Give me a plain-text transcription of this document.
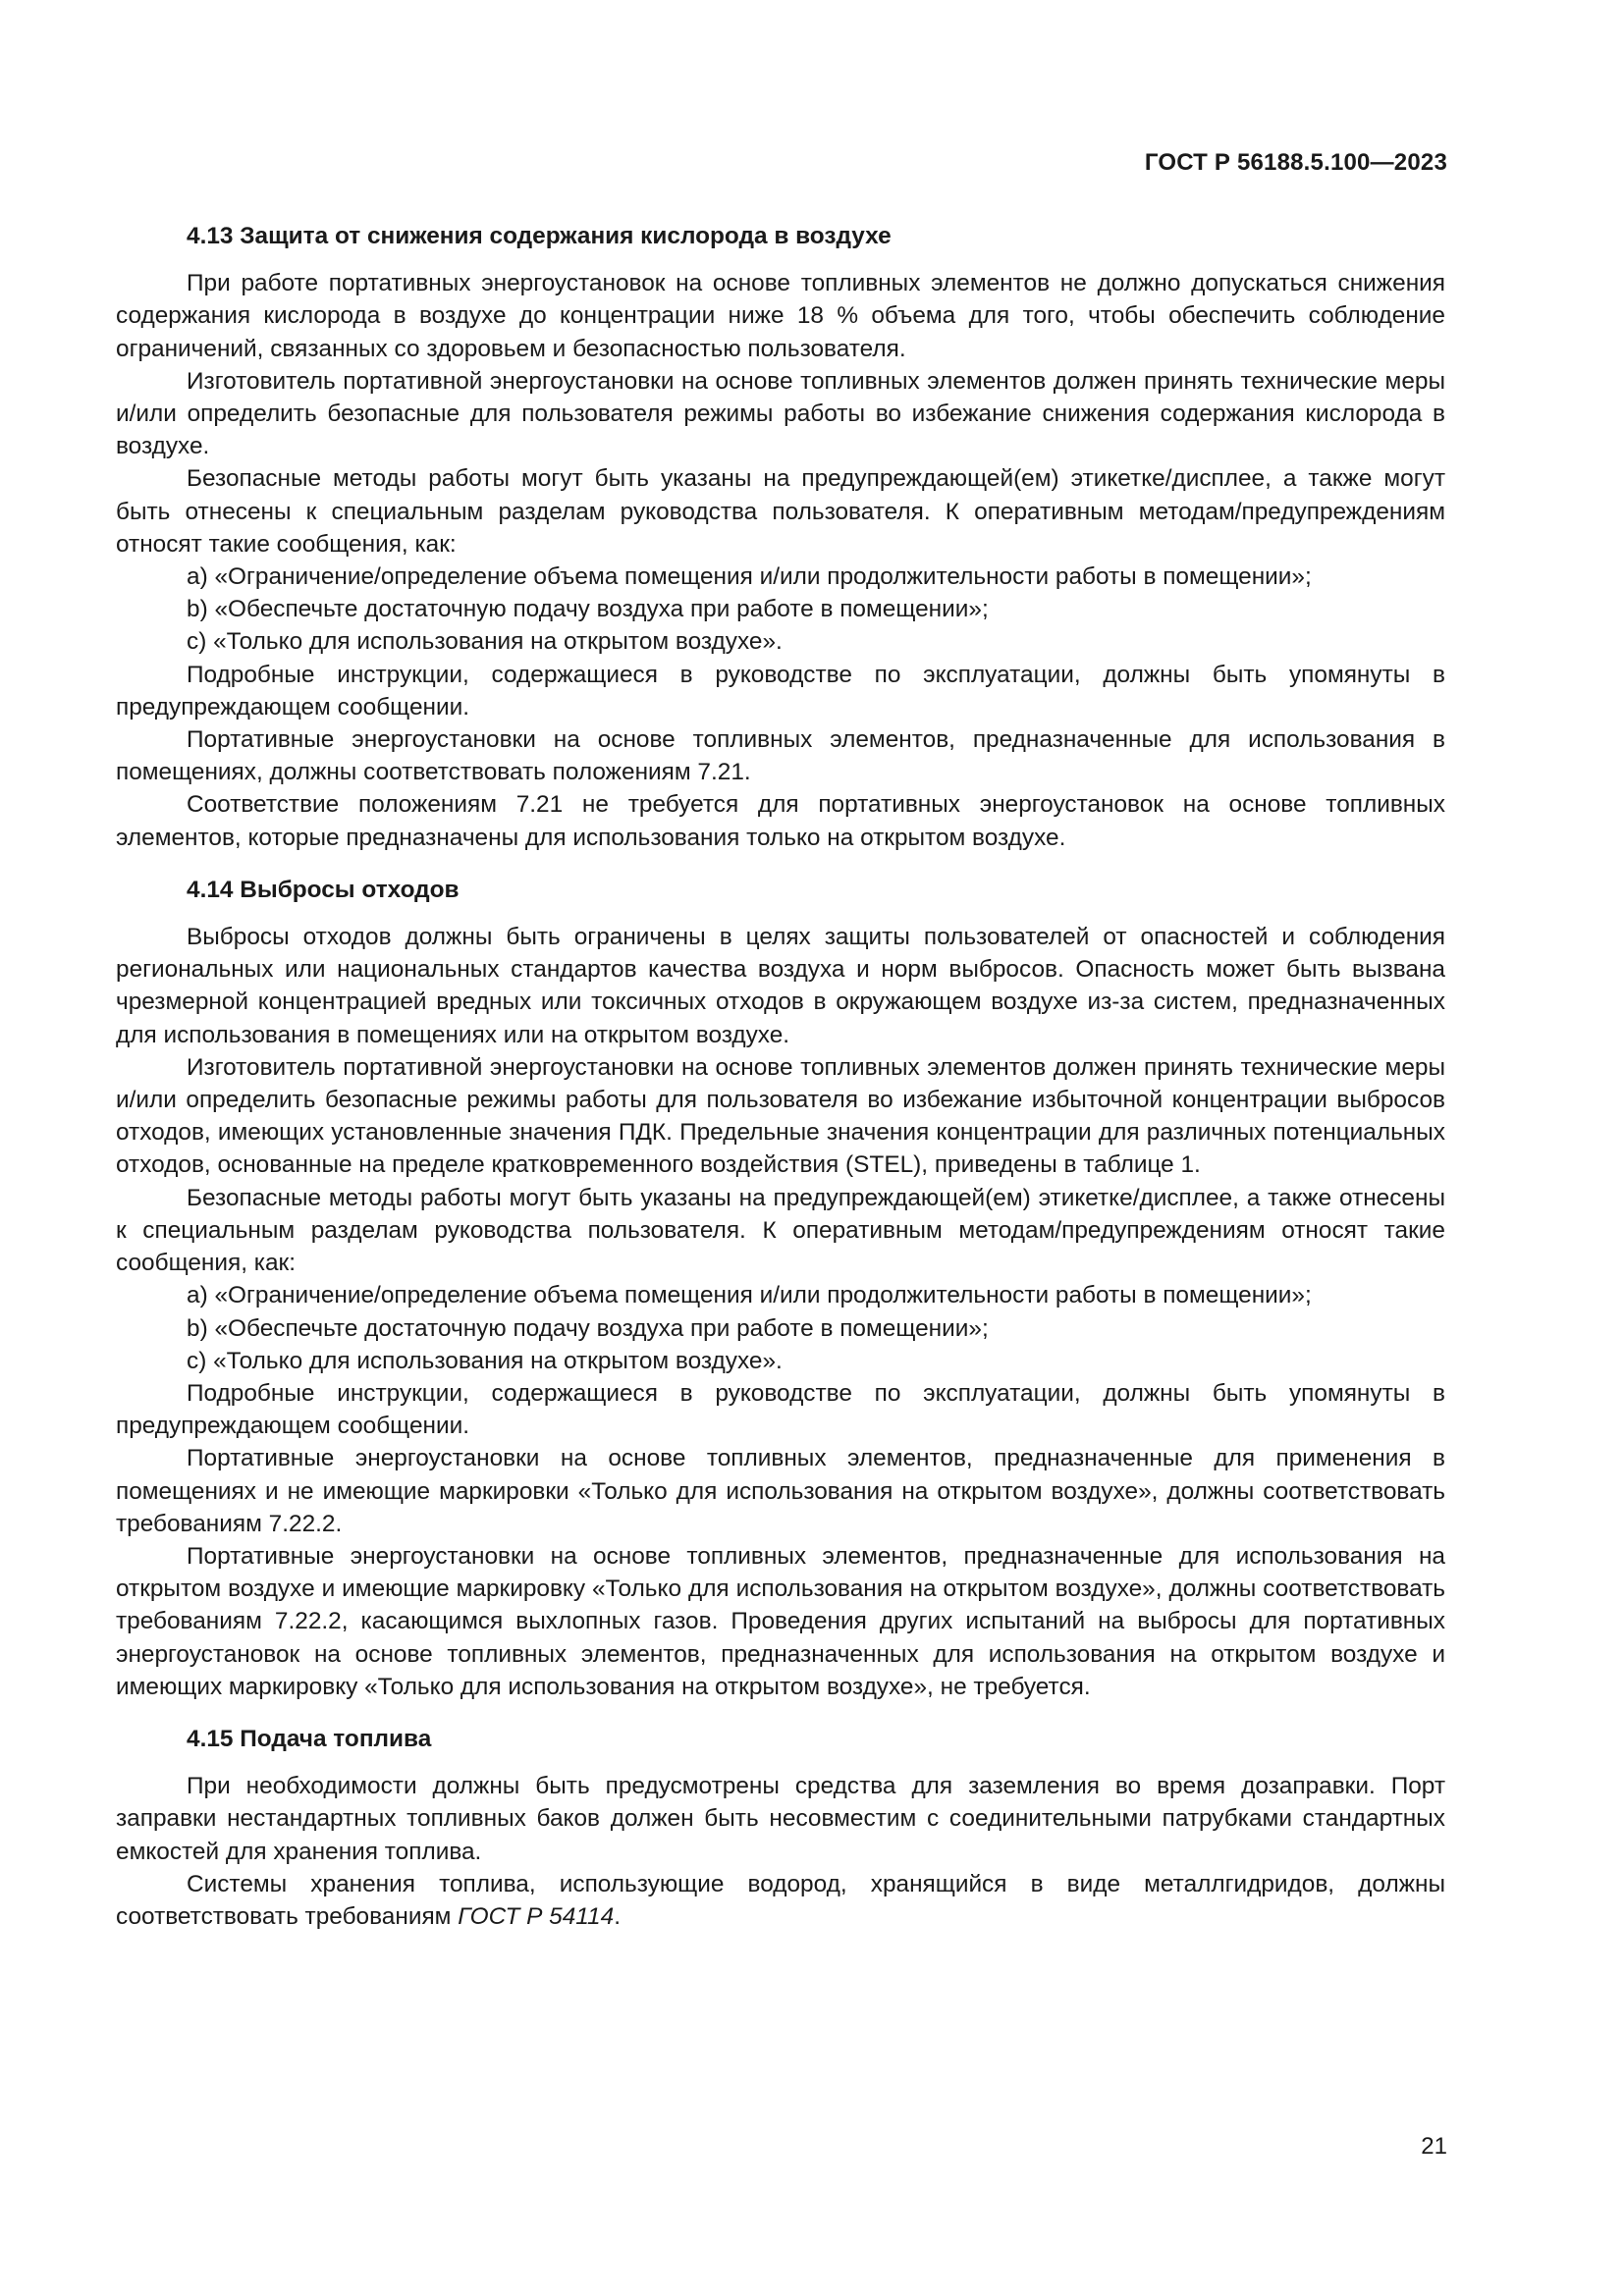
ГОСТ Р 56188.5.100—2023
4.13 Защита от снижения содержания кислорода в воздухе

При работе портативных энергоустановок на основе топливных элементов не должно допускаться снижения содержания кислорода в воздухе до концентрации ниже 18 % объема для того, чтобы обеспечить соблюдение ограничений, связанных со здоровьем и безопасностью пользователя.

Изготовитель портативной энергоустановки на основе топливных элементов должен принять технические меры и/или определить безопасные для пользователя режимы работы во избежание снижения содержания кислорода в воздухе.

Безопасные методы работы могут быть указаны на предупреждающей(ем) этикетке/дисплее, а также могут быть отнесены к специальным разделам руководства пользователя. К оперативным методам/предупреждениям относят такие сообщения, как:

a) «Ограничение/определение объема помещения и/или продолжительности работы в помещении»;

b) «Обеспечьте достаточную подачу воздуха при работе в помещении»;

c) «Только для использования на открытом воздухе».

Подробные инструкции, содержащиеся в руководстве по эксплуатации, должны быть упомянуты в предупреждающем сообщении.

Портативные энергоустановки на основе топливных элементов, предназначенные для использования в помещениях, должны соответствовать положениям 7.21.

Соответствие положениям 7.21 не требуется для портативных энергоустановок на основе топливных элементов, которые предназначены для использования только на открытом воздухе.

4.14 Выбросы отходов

Выбросы отходов должны быть ограничены в целях защиты пользователей от опасностей и соблюдения региональных или национальных стандартов качества воздуха и норм выбросов. Опасность может быть вызвана чрезмерной концентрацией вредных или токсичных отходов в окружающем воздухе из-за систем, предназначенных для использования в помещениях или на открытом воздухе.

Изготовитель портативной энергоустановки на основе топливных элементов должен принять технические меры и/или определить безопасные режимы работы для пользователя во избежание избыточной концентрации выбросов отходов, имеющих установленные значения ПДК. Предельные значения концентрации для различных потенциальных отходов, основанные на пределе кратковременного воздействия (STEL), приведены в таблице 1.

Безопасные методы работы могут быть указаны на предупреждающей(ем) этикетке/дисплее, а также отнесены к специальным разделам руководства пользователя. К оперативным методам/предупреждениям относят такие сообщения, как:

a) «Ограничение/определение объема помещения и/или продолжительности работы в помещении»;

b) «Обеспечьте достаточную подачу воздуха при работе в помещении»;

c) «Только для использования на открытом воздухе».

Подробные инструкции, содержащиеся в руководстве по эксплуатации, должны быть упомянуты в предупреждающем сообщении.

Портативные энергоустановки на основе топливных элементов, предназначенные для применения в помещениях и не имеющие маркировки «Только для использования на открытом воздухе», должны соответствовать требованиям 7.22.2.

Портативные энергоустановки на основе топливных элементов, предназначенные для использования на открытом воздухе и имеющие маркировку «Только для использования на открытом воздухе», должны соответствовать требованиям 7.22.2, касающимся выхлопных газов. Проведения других испытаний на выбросы для портативных энергоустановок на основе топливных элементов, предназначенных для использования на открытом воздухе и имеющих маркировку «Только для использования на открытом воздухе», не требуется.

4.15 Подача топлива

При необходимости должны быть предусмотрены средства для заземления во время дозаправки. Порт заправки нестандартных топливных баков должен быть несовместим с соединительными патрубками стандартных емкостей для хранения топлива.

Системы хранения топлива, использующие водород, хранящийся в виде металлгидридов, должны соответствовать требованиям ГОСТ Р 54114.

21
